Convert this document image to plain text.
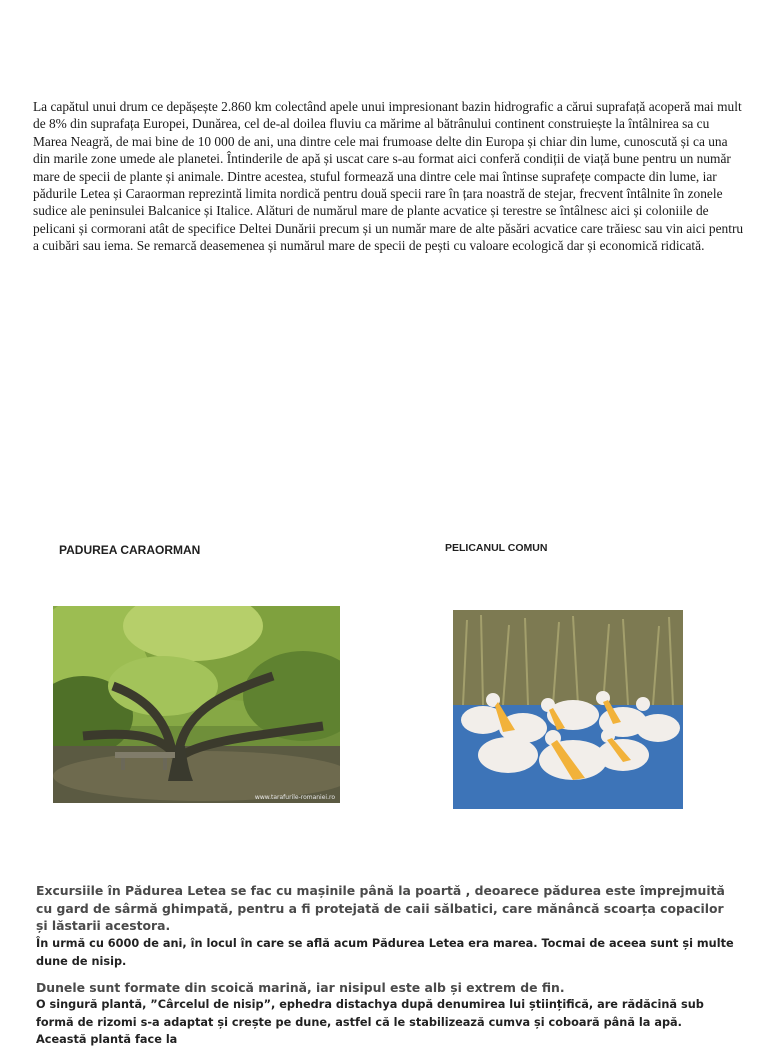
La capătul unui drum ce depășește 2.860 km colectând apele unui impresionant bazin hidrografic a cărui suprafață acoperă mai mult de 8% din suprafața Europei, Dunărea, cel de-al doilea fluviu ca mărime al bătrânului continent construiește la întâlnirea sa cu Marea Neagră, de mai bine de 10 000 de ani, una dintre cele mai frumoase delte din Europa și chiar din lume, cunoscută și ca una din marile zone umede ale planetei. Întinderile de apă și uscat care s-au format aici conferă condiții de viață bune pentru un număr mare de specii de plante și animale. Dintre acestea, stuful formează una dintre cele mai întinse suprafețe compacte din lume, iar pădurile Letea și Caraorman reprezintă limita nordică pentru două specii rare în țara noastră de stejar, frecvent întâlnite în zonele sudice ale peninsulei Balcanice și Italice. Alături de numărul mare de plante acvatice și terestre se întâlnesc aici și coloniile de pelicani și cormorani atât de specifice Deltei Dunării precum și un număr mare de alte păsări acvatice care trăiesc sau vin aici pentru a cuibări sau iema. Se remarcă deasemenea și numărul mare de specii de pești cu valoare ecologică dar și economică ridicată.

PADUREA CARAORMAN	PELICANUL COMUN

www.tarafurile-romaniei.ro

Excursiile în Pădurea Letea se fac cu mașinile până la poartă , deoarece pădurea este împrejmuită cu gard de sârmă ghimpată, pentru a fi protejată de caii sălbatici, care mănâncă scoarța copacilor și lăstarii acestora.

În urmă cu 6000 de ani, în locul în care se află acum Pădurea Letea era marea. Tocmai de aceea sunt și multe dune de nisip.

Dunele sunt formate din scoică marină, iar nisipul este alb și extrem de fin.

O singură plantă, ”Cârcelul de nisip”, ephedra distachya după denumirea lui științifică, are rădăcină sub formă de rizomi s-a adaptat și crește pe dune, astfel că le stabilizează cumva și coboară până la apă. Această plantă face la
